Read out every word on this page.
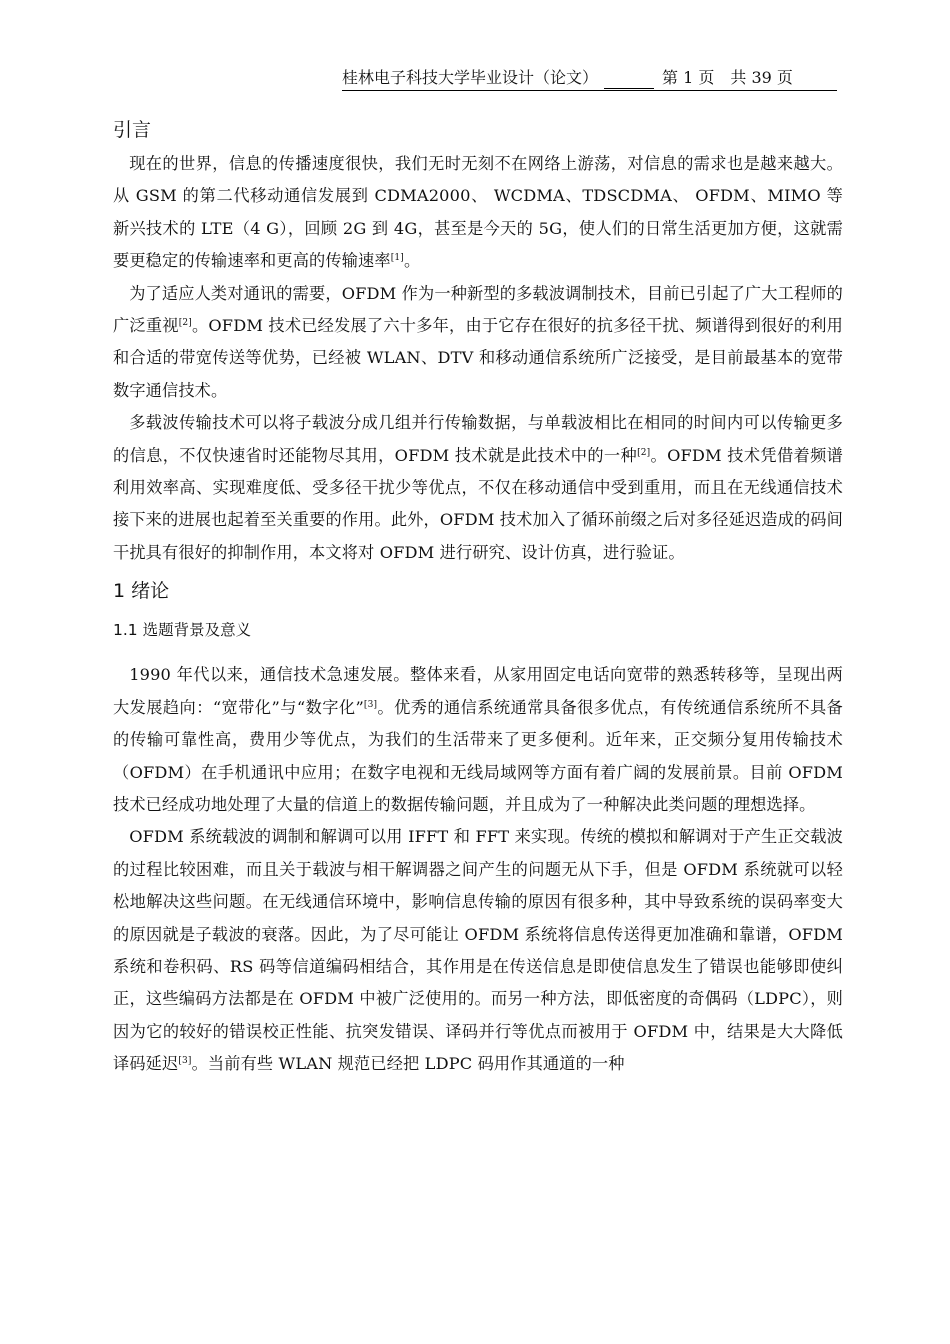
桂林电子科技大学毕业设计（论文）	第 1 页　共 39 页
引言

现在的世界，信息的传播速度很快，我们无时无刻不在网络上游荡，对信息的需求也是越来越大。从 GSM 的第二代移动通信发展到 CDMA2000、 WCDMA、TDSCDMA、 OFDM、MIMO 等新兴技术的 LTE（4 G），回顾 2G 到 4G，甚至是今天的 5G，使人们的日常生活更加方便，这就需要更稳定的传输速率和更高的传输速率[1]。

为了适应人类对通讯的需要，OFDM 作为一种新型的多载波调制技术，目前已引起了广大工程师的广泛重视[2]。OFDM 技术已经发展了六十多年，由于它存在很好的抗多径干扰、频谱得到很好的利用和合适的带宽传送等优势，已经被 WLAN、DTV 和移动通信系统所广泛接受，是目前最基本的宽带数字通信技术。

多载波传输技术可以将子载波分成几组并行传输数据，与单载波相比在相同的时间内可以传输更多的信息，不仅快速省时还能物尽其用，OFDM 技术就是此技术中的一种[2]。OFDM 技术凭借着频谱利用效率高、实现难度低、受多径干扰少等优点，不仅在移动通信中受到重用，而且在无线通信技术接下来的进展也起着至关重要的作用。此外，OFDM 技术加入了循环前缀之后对多径延迟造成的码间干扰具有很好的抑制作用，本文将对 OFDM 进行研究、设计仿真，进行验证。

1 绪论
1.1 选题背景及意义

1990 年代以来，通信技术急速发展。整体来看，从家用固定电话向宽带的熟悉转移等，呈现出两大发展趋向：“宽带化”与“数字化”[3]。优秀的通信系统通常具备很多优点，有传统通信系统所不具备的传输可靠性高，费用少等优点，为我们的生活带来了更多便利。近年来，正交频分复用传输技术（OFDM）在手机通讯中应用；在数字电视和无线局域网等方面有着广阔的发展前景。目前 OFDM 技术已经成功地处理了大量的信道上的数据传输问题，并且成为了一种解决此类问题的理想选择。

OFDM 系统载波的调制和解调可以用 IFFT 和 FFT 来实现。传统的模拟和解调对于产生正交载波的过程比较困难，而且关于载波与相干解调器之间产生的问题无从下手，但是 OFDM 系统就可以轻松地解决这些问题。在无线通信环境中，影响信息传输的原因有很多种，其中导致系统的误码率变大的原因就是子载波的衰落。因此，为了尽可能让 OFDM 系统将信息传送得更加准确和靠谱，OFDM 系统和卷积码、RS 码等信道编码相结合，其作用是在传送信息是即使信息发生了错误也能够即使纠正，这些编码方法都是在 OFDM 中被广泛使用的。而另一种方法，即低密度的奇偶码（LDPC），则因为它的较好的错误校正性能、抗突发错误、译码并行等优点而被用于 OFDM 中，结果是大大降低译码延迟[3]。当前有些 WLAN 规范已经把 LDPC 码用作其通道的一种
